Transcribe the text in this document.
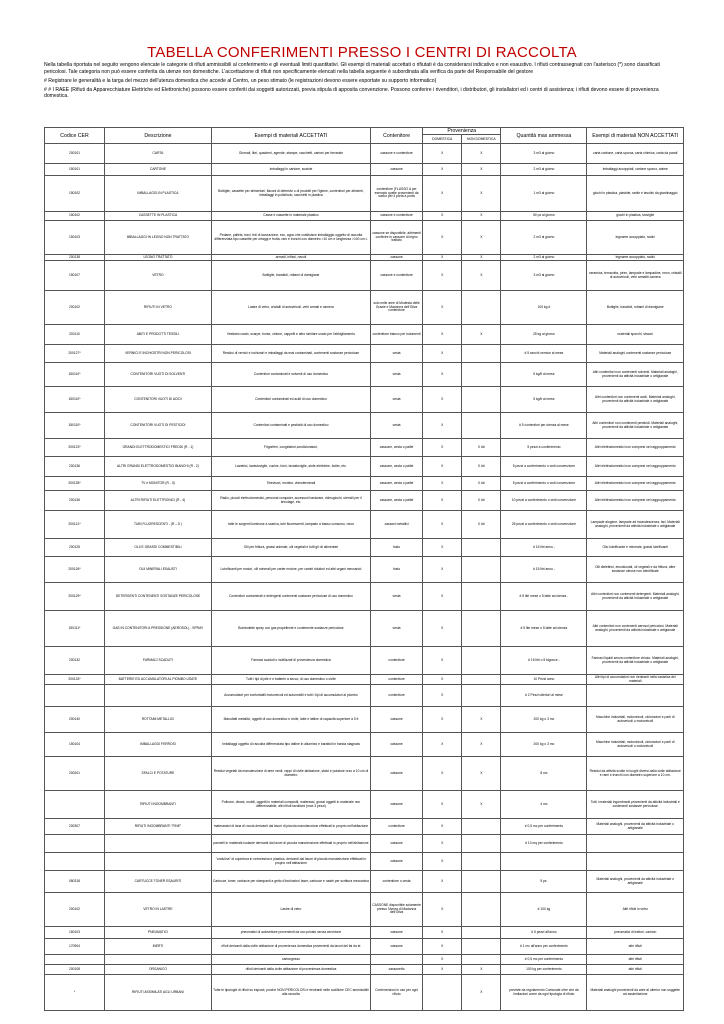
TABELLA CONFERIMENTI PRESSO I CENTRI DI RACCOLTA

Nella tabella riportata nel seguito vengono elencate le categorie di rifiuti ammissibili al conferimento e gli eventuali limiti quantitativi. Gli esempi di materiali accettati o rifiutati è da considerarsi indicativo e non esaustivo. I rifiuti contrassegnati con l'asterisco (*) sono classificati pericolosi. Tale categoria non può essere conferita da utenze non domestiche. L'accettazione di rifiuti non specificamente elencati nella tabella seguente è subordinata alla verifica da parte del Responsabile del gestore

# Registrare le generalità e la targa del mezzo dell'utenza domestica che accede al Centro, un peso stimato (le registrazioni devono essere esportate su supporto informatico)

# # I RAEE (Rifiuti da Apparecchiature Elettriche ed Elettroniche) possono essere conferiti dai soggetti autorizzati, previa stipula di apposita convenzione. Possono conferire i rivenditori, i distributori, gli installatori ed i centri di assistenza; i rifiuti devono essere di provenienza domestica.

Codice CER	Descrizione	Esempi di materiali ACCETTATI	Contenitore	Provenienza		Quantità max ammessa	Esempi di materiali NON ACCETTATI
				DOMESTICA	NON DOMESTICA		
200101	CARTA	Giornali, libri, quaderni, agende, stampe, cacchetti, cartoni per bevande	cassone e contenitore	X	X	3 m3 al giorno	carta carbone, carta sporca, carta chimica, carta da parati
150101	CARTONE	Imballaggi in cartone, scatole	cassone	X	X	2 m3 al giorno	Imballaggi accoppiati, cartone sporco, anime
150102	IMBALLAGGI IN PLASTICA	Bottiglie, cassette per alimentari, flaconi di detersivi o di prodotti per l'igiene, contenitori per alimenti, imballaggi in polistirolo, sacchetti in plastica	contenitore (FLUSSO A per esempio quelle provenienti da sacco per il porta a porta	X	X	1 m3 al giorno	giochi in plastica, piastide, sedie e tavolini da giardinaggio
150102	CASSETTE IN PLASTICA	Casse e cassette in materiale plastico	cassone e contenitore	X	X	50 pz al giorno	giochi in plastica, stoviglie
150103	IMBALLAGGI IN LEGNO NON TRATTATO	Pedane, pallets, travi, frdi di lavorazione, ecc, agno che costituisce imballaggio oggetto di raccolta differenziata tipo cassette per ortaggi e frutta, ram e tronchi con diametro >10 cm e lunghezza >100 cm L	cassone se disponibile, altrimenti conferire in cassone di legno trattato	X	X	2 m3 al giorno	legname accoppiato, radici
200138	LEGNO TRATTATO	armadi, infissi, navoli	cassone	X	X	2 m3 al giorno	legname accoppiato, radici
150107	VETRO	Bottiglie, barattoli, rottami di damigiane	cassone e contenitore	X	X	3 m3 al giorno	ceramica, terracotta, pirex, lampade e lampadine, neon, cristalli di autoveicoli, vetri armatiti camera
200102	RIFIUTI IN VETRO	Lastre di vetro, cristalli di autoveicoli, vetri armati e camera	solo nelle aree di Modesta delle Grazie e Madonna dell'Oliva contenitore	X		100 kg #	Bottiglie, barattoli, rottami di damigiane
200110	ABITI E PRODOTTI TESSILI	Vestiario usato, scarpe, borse, cinture, cappelli e altro similare usato per l'abbigliamento	contenitore bianco per indumenti	X	X	25 kg al giorno	materiali sporchi, stracci
200127*	VERNICI E INCHIOSTRI NON PERICOLOSI	Residui di vernici e inchiostri e imballaggi da essi contaminati, contenenti sostanze pericolose	cesta	X		# 5 secchi vernice al mese	Materiali analoghi contenenti sostanze pericolose
150110*	CONTENITORI VUOTI DI SOLVENTI	Contenitori contaminati e solventi di uso domestico	cesta	X		5 kg/lt al mese	Altri contenitori non contenenti solventi. Materiali analoghi, provenienti da attività industriale o artigianale
150110*	CONTENITORI VUOTI DI ACIDI	Contenitori contaminati ed acidi di uso domestico	cesta	X		5 kg/lt al mese	Altri contenitori non contenenti acidi. Materiali analoghi, provenienti da attività industriale o artigianale
150110*	CONTENITORI VUOTI DI PESTICIDI	Contenitori contaminati e pesticidi di uso domestico	cesta	X		# 5 contenitori per utenza al mese	Altri contenitori non contenenti pesticidi. Materiali analoghi, provenienti da attività industriale o artigianale
200123*	GRANDI ELETTRODOMESTICI FREDDI (R - 1)	Frigoriferi, congelatori,condizionatori,	cassone, cesta o pallet	X	X ##	5 pezzi a conferimento	Altri elettrodomestici non compresi nel raggruppamento
200136	ALTRI GRANDI ELETTRODOMESTICI BIANCHI (R - 2)	Lavatrici, lavastoviglie, cucine, forni, lavastoviglie, stufe elettriche, boiler, etc.	cassone, cesta o pallet	X	X ##	5 pezzi a conferimento o vedi convenzione	Altri elettrodomestici non compresi nel raggruppamento
200135*	TV e MONITOR (R - 3)	Televisori, monitor, videoterminali	cassone, cesta o pallet	X	X ##	5 pezzi a conferimento o vedi convenzione	Altri elettrodomestici non compresi nel raggruppamento
200136	ALTRI RIFIUTI ELETTRONICI (R - 4)	Radio, piccoli elettrodomestici, personal computer, accessori hardware, videogiochi, utensili per il bricolage, etc.	cassone, cesta o pallet	X	X ##	10 pezzi a conferimento o vedi convenzione	Altri elettrodomestici non compresi nel raggruppamento
200121*	TUBI FLUORESCENTI - (R – 5 )	tutte le sorgenti luminose a scarica, tubi fluorescenti, lampade a basso consumo, neon	cassoni metallici	X	X ##	25 pezzi a conferimento o vedi convenzione	Lampade alogene, lampade ad incandescenza, fari. Materiali analoghi, provenienti da attività industriale o artigianale
200125	OLII E GRASSI COMMESTIBILI	Olii per friltura, grassi animale, olii vegetali e tutti gli oli alimentari	fusto	X		# 15 litri anno -	Olio lubrificante e minerale, grassi lubrificanti
200126*	OLII MINERALI ESAUSTI	Lubrificanti per motori, olii minerali per carter motore, per cambi riduttori ed altri organi meccanici	fusto	X		# 15 litri anno -	Olii dielettrici, emulsionati, oli vegetali e da friltura, altre sostanze oleose non identificate
200129*	DETERGENTI CONTENENTI SOSTANZE PERICOLOSE	Contenitori contaminati e detergenti contenenti sostanze pericolose di uso domestico	cesta	X		# 5 litri mese o 5 latte ad utenza -	Altri contenitori non contenenti detergenti. Materiali analoghi, provenienti da attività industriale o artigianale
150111*	GAS IN CONTENITORI A PRESSIONE (AEROSOL) - SPRAY	Bombolette spray con gas propellente e contenente sostanze pericolose	cesta	X		# 5 litri mese o 5 latte ad utenza	Altri contenitori non contenenti aerosol pericolosi. Materiali analoghi, provenienti da attività industriale o artigianale
200132	FARMACI SCADUTI	Farmaci scaduti o inutilizzati di provenienza domestica	contenitore	X		# 15 litri o 5 bigonce -	Farmaci liquidi senza contenitore chiuso. Materiali analoghi, provenienti da attività industriale o artigianale
200133*	BATTERIE ED ACCUMULATORI AL PIOMBO USATE	Tutti i tipi di pile e e batterie a secco, di uso domestico o civile	contenitore	X		10 Pezzi anno	Altri tipi di accumulatori non rientranti nella casistica dei materiali
		Accumulatori per confortabili motoveicoli ed automobili e tutti i tipi di accumulatori al piombo	contenitore	X		# 2 Pezzi ulteriori al mese	
200140	ROTTAMI METALLICI	Manufatti metallici, oggetti di uso domestico e civile, latte e lattine di capacità superiore a 5 lt	cassone	X	X	200 kg o 3 mc	Macchine industriali, motoveicoli, ciclomotori e parti di autoveicoli o motoveicoli
150104	IMBALLAGGI FERROSI	Imballaggi oggetto di raccolta differenziata tipo lattine in alluminio e barattoli in banda stagnata	cassone	X	X	200 kg o 3 mc	Macchine industriali, motoveicoli, ciclomotori e parti di autoveicoli o motoveicoli
200201	SFALCI E POTATURE	Residui vegetali da manutenzione di aree verdi: ceppi di civile abitazione, sfalci e potature orso a 10 cm di diametro	cassone	X	X	8 mc	Residui da attività svolte in luoghi diversi dalla civile abitazione e rami e tronchi con diametro superiore a 10 cm.
	RIFIUTI INGOMBRANTI	Poltrone, divani, mobili, oggetti in materiali compositi, materassi, grossi oggetti in materiale non differenziabile, altri rifiuti tavolismi (max 3 pezzi)	cassone	X	X	4 mc	Tutti i materiali ingombranti provenienti da attività industriali e contenenti sostanze pericolose
200307	RIFIUTI INGOMBRANTI "FINE"	materassini di lana di roccia derivanti dai lavori di piccola manutenzione effettuati in proprio nell'abitazione	contenitore	X		# 0,5 mc per conferimento	Materiali analoghi, provenienti da attività industriale o artigianale
		pannelli in materiale isolante derivanti dai lavori di piccola manutenzione effettuati in proprio nell'abitazione	cassone	X		# 10 mq per conferimento	
		"ondulina" di copertura in vetroresina e plastica, derivanti dai lavori di piccola manutenzione effettuati in proprio nell'abitazione	cassone	X			
080318	CARTUCCE TONER ESAURITI	Cartucce, toner, cartucce per stampanti a getto d'inchiostro/ laser, cartucce e nastri per scrittura meccanica	contenitore o cesta	X		5 pz.	Materiali analoghi, provenienti da attività industriale o artigianale
200102	VETRO IN LASTRE	Lastre di vetro	CASSONE disponibile solamente presso l'Aerea di Madonna dell'Oliva	X		# 100 kg	Altri rifiuti in vetro
160103	PNEUMATICI	pneumatici di autovetture provenienti da uso privato senza cerchione	cassone	X		# 5 pezzi all'anno	pneumatici di trattori, camion
170904	INERTI	rifiuti derivanti dalla civile abitazione di provenienza domestica provenienti da lavori del fai da te	cassone	X		# 1 mc all'anno per conferimento	altri rifiuti
		cartongesso		X		# 0,5 mc per conferimento	altri rifiuti
200108	ORGANICO	rifiuti derivanti dalla civile abitazione di provenienza domestica	cassonetto	X	X	100 kg per conferimento	altri rifiuti
*	RIFIUTI ASSIMILATI AGLI URBANI	Tutte le tipologie di rifiuti su esposti, purché NON PERICOLOSI e rientranti nelle codifiche CEC ammissibili alla raccolta	Contenendosi in uso per ogni rifiuto		X	previste da regolamento Comunale oltre che da limitazioni come da ogni tipologia di rifiuto	Materiali analoghi provenienti da aree al ulterior non soggette ad assimilazione
